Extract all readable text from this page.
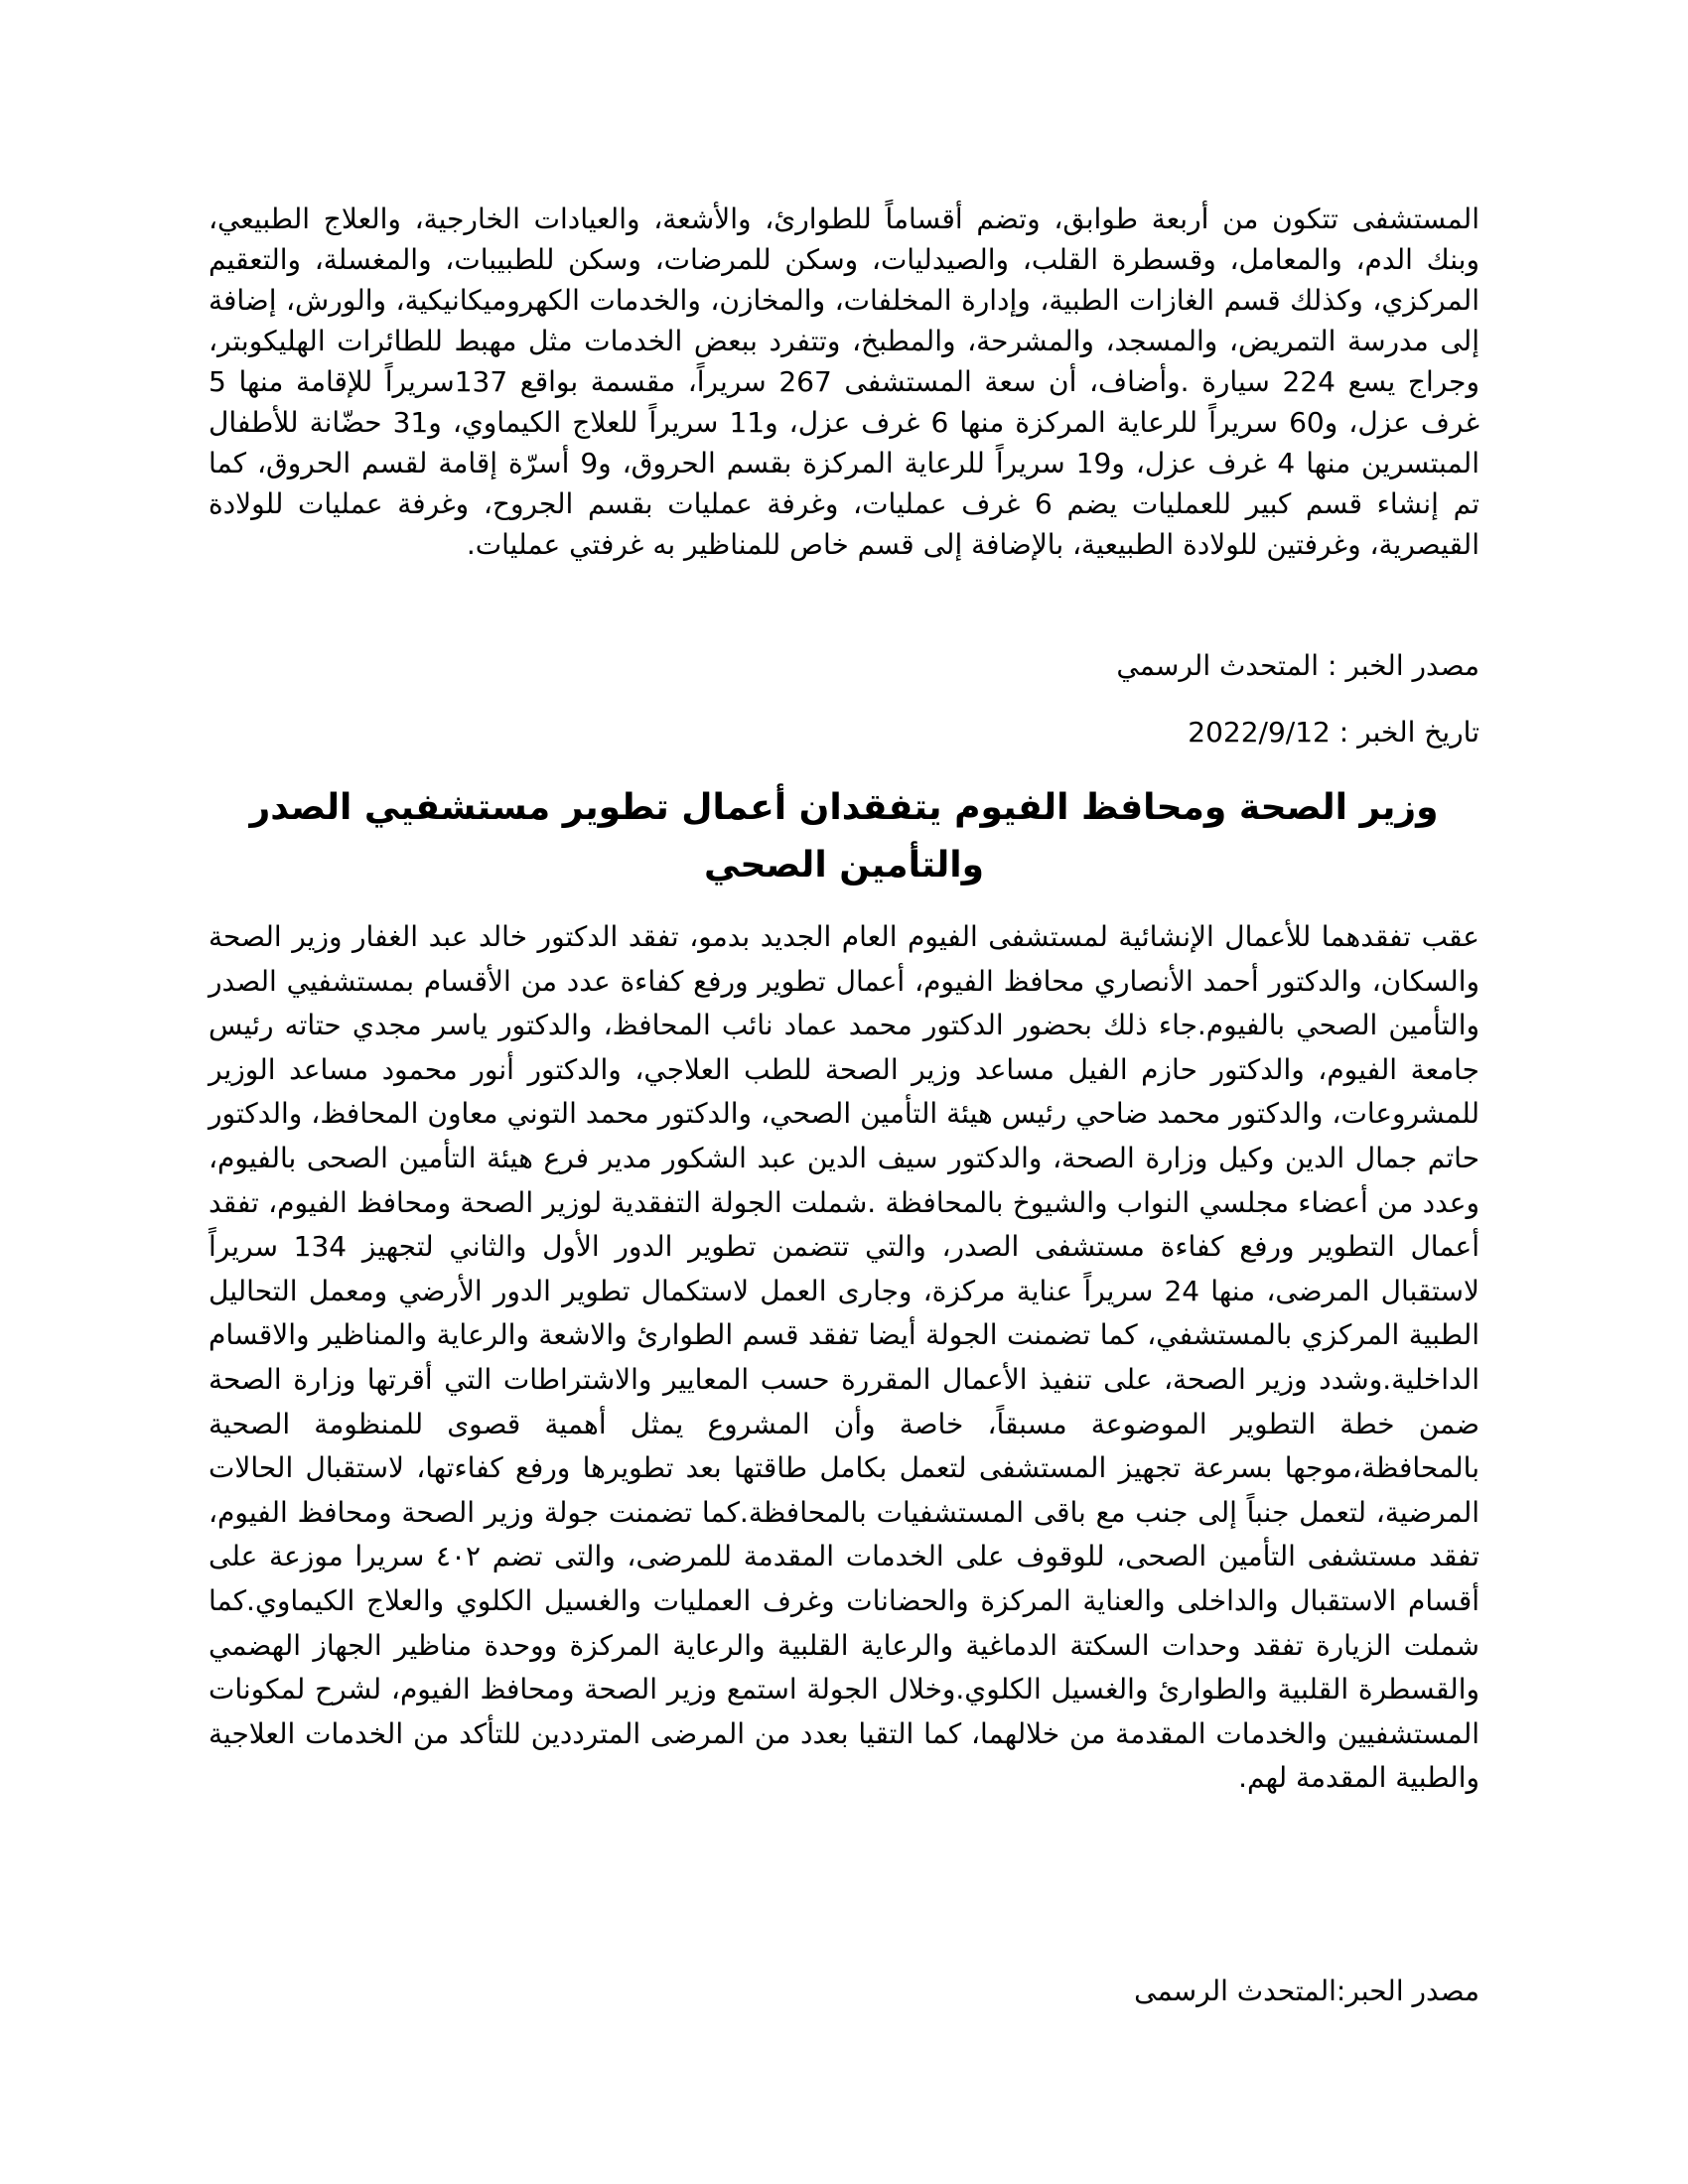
المستشفى تتكون من أربعة طوابق، وتضم أقساماً للطوارئ، والأشعة، والعيادات الخارجية، والعلاج الطبيعي، وبنك الدم، والمعامل، وقسطرة القلب، والصيدليات، وسكن للمرضات، وسكن للطبيبات، والمغسلة، والتعقيم المركزي، وكذلك قسم الغازات الطبية، وإدارة المخلفات، والمخازن، والخدمات الكهروميكانيكية، والورش، إضافة إلى مدرسة التمريض، والمسجد، والمشرحة، والمطبخ، وتتفرد ببعض الخدمات مثل مهبط للطائرات الهليكوبتر، وجراج يسع 224 سيارة .وأضاف، أن سعة المستشفى 267 سريراً، مقسمة بواقع 137سريراً للإقامة منها 5 غرف عزل، و60 سريراً للرعاية المركزة منها 6 غرف عزل، و11 سريراً للعلاج الكيماوي، و31 حضّانة للأطفال المبتسرين منها 4 غرف عزل، و19 سريراً للرعاية المركزة بقسم الحروق، و9 أسرّة إقامة لقسم الحروق، كما تم إنشاء قسم كبير للعمليات يضم 6 غرف عمليات، وغرفة عمليات بقسم الجروح، وغرفة عمليات للولادة القيصرية، وغرفتين للولادة الطبيعية، بالإضافة إلى قسم خاص للمناظير به غرفتي عمليات.

مصدر الخبر : المتحدث الرسمي

تاريخ الخبر : 2022/9/12

وزير الصحة ومحافظ الفيوم يتفقدان أعمال تطوير مستشفيي الصدر والتأمين الصحي

عقب تفقدهما للأعمال الإنشائية لمستشفى الفيوم العام الجديد بدمو، تفقد الدكتور خالد عبد الغفار وزير الصحة والسكان، والدكتور أحمد الأنصاري محافظ الفيوم، أعمال تطوير ورفع كفاءة عدد من الأقسام بمستشفيي الصدر والتأمين الصحي بالفيوم.جاء ذلك بحضور الدكتور محمد عماد نائب المحافظ، والدكتور ياسر مجدي حتاته رئيس جامعة الفيوم، والدكتور حازم الفيل مساعد وزير الصحة للطب العلاجي، والدكتور أنور محمود مساعد الوزير للمشروعات، والدكتور محمد ضاحي رئيس هيئة التأمين الصحي، والدكتور محمد التوني معاون المحافظ، والدكتور حاتم جمال الدين وكيل وزارة الصحة، والدكتور سيف الدين عبد الشكور مدير فرع هيئة التأمين الصحى بالفيوم، وعدد من أعضاء مجلسي النواب والشيوخ بالمحافظة .شملت الجولة التفقدية لوزير الصحة ومحافظ الفيوم، تفقد أعمال التطوير ورفع كفاءة مستشفى الصدر، والتي تتضمن تطوير الدور الأول والثاني لتجهيز 134 سريراً لاستقبال المرضى، منها 24 سريراً عناية مركزة، وجارى العمل لاستكمال تطوير الدور الأرضي ومعمل التحاليل الطبية المركزي بالمستشفي، كما تضمنت الجولة أيضا تفقد قسم الطوارئ والاشعة والرعاية والمناظير والاقسام الداخلية.وشدد وزير الصحة، على تنفيذ الأعمال المقررة حسب المعايير والاشتراطات التي أقرتها وزارة الصحة ضمن خطة التطوير الموضوعة مسبقاً، خاصة وأن المشروع يمثل أهمية قصوى للمنظومة الصحية بالمحافظة،موجها بسرعة تجهيز المستشفى لتعمل بكامل طاقتها بعد تطويرها ورفع كفاءتها، لاستقبال الحالات المرضية، لتعمل جنباً إلى جنب مع باقى المستشفيات بالمحافظة.كما تضمنت جولة وزير الصحة ومحافظ الفيوم، تفقد مستشفى التأمين الصحى، للوقوف على الخدمات المقدمة للمرضى، والتى تضم ٤٠٢ سريرا موزعة على أقسام الاستقبال والداخلى والعناية المركزة والحضانات وغرف العمليات والغسيل الكلوي والعلاج الكيماوي.كما شملت الزيارة تفقد وحدات السكتة الدماغية والرعاية القلبية والرعاية المركزة ووحدة مناظير الجهاز الهضمي والقسطرة القلبية والطوارئ والغسيل الكلوي.وخلال الجولة استمع وزير الصحة ومحافظ الفيوم، لشرح لمكونات المستشفيين والخدمات المقدمة من خلالهما، كما التقيا بعدد من المرضى المترددين للتأكد من الخدمات العلاجية والطبية المقدمة لهم.

مصدر الحبر:المتحدث الرسمى
